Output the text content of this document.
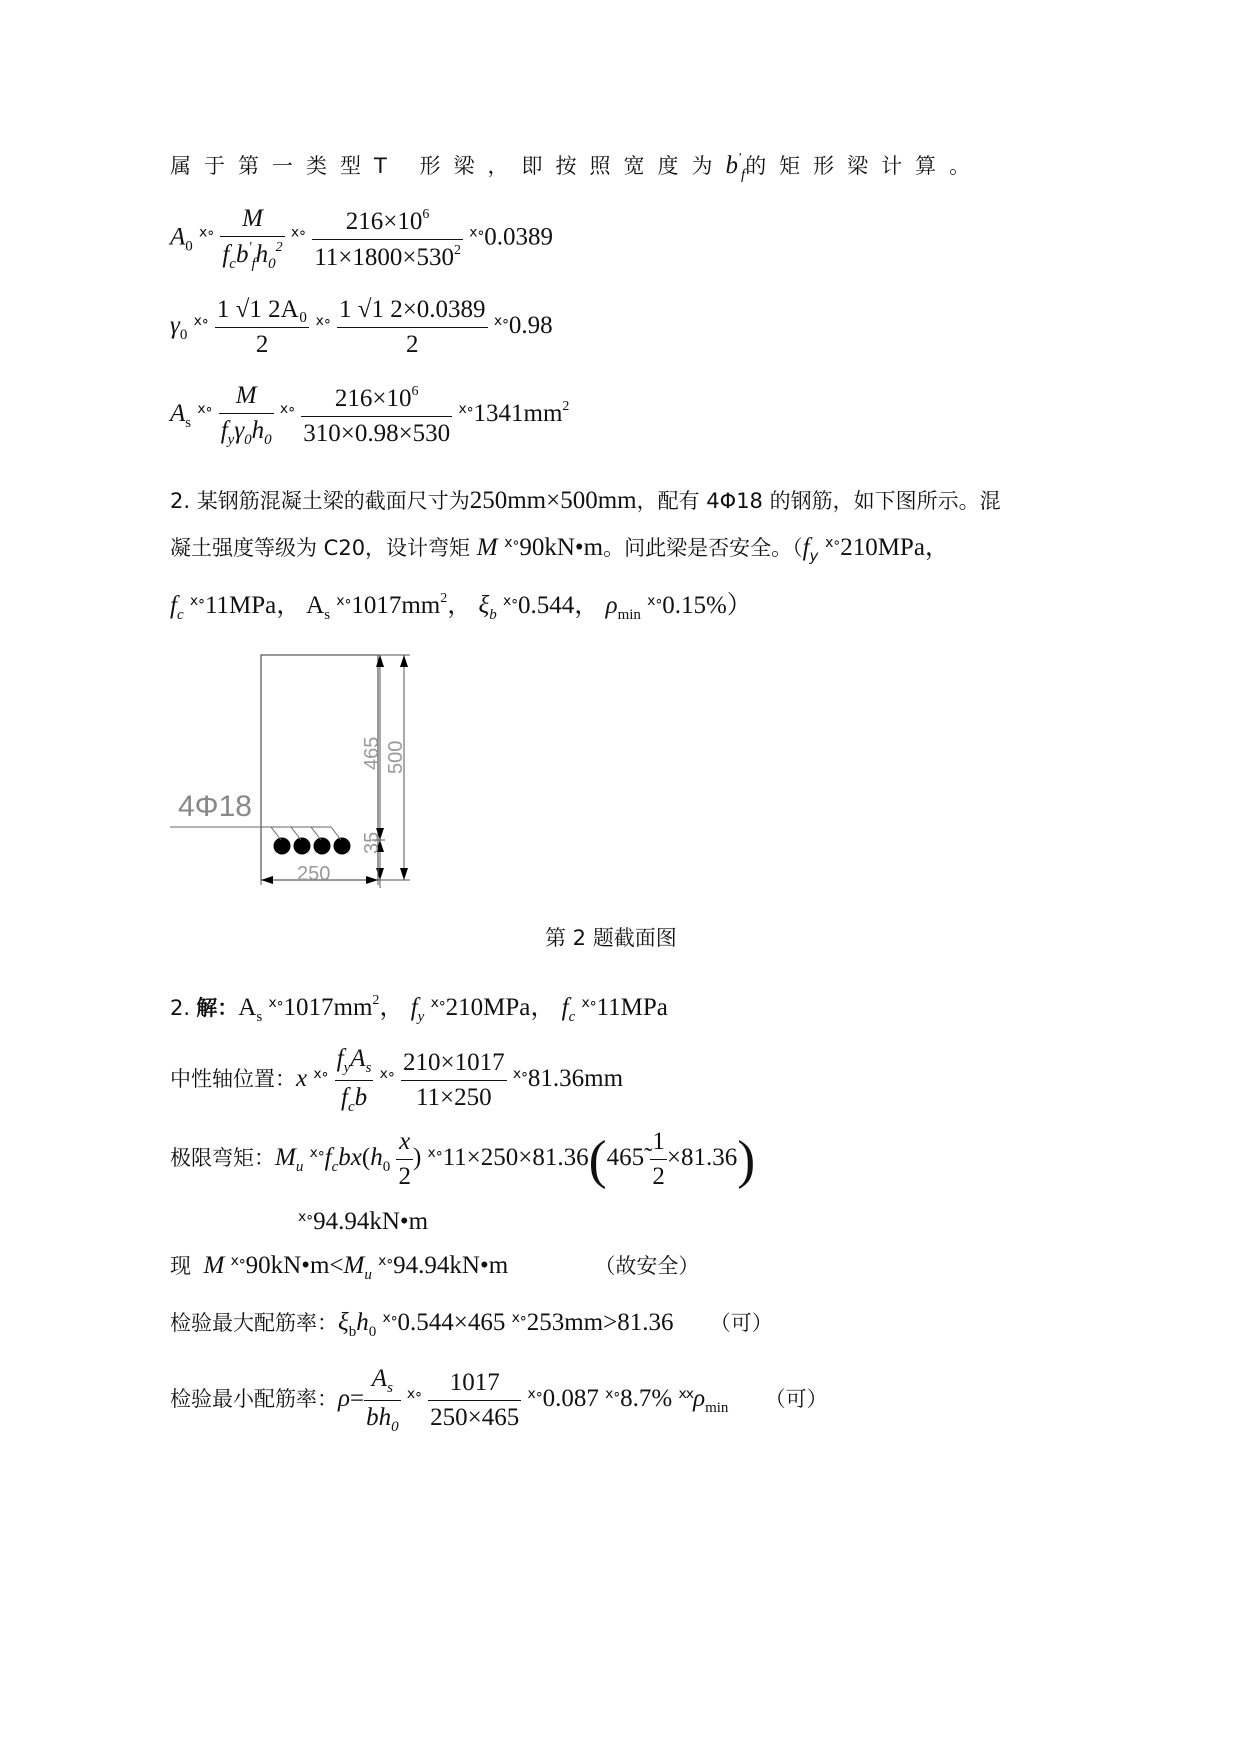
属于第一类型T 形梁，即按照宽度为$b'_f$的矩形梁计算。
$A_0$ $^{ⅹ\circ} \frac{M}{f_cb'_fh_0^2} ^{ⅹ\circ} \frac{216\times 10^6}{11\times 1800\times 530^2} ^{ⅹ\circ}0.0389$
$\gamma_0$ $^{ⅹ\circ} \frac{\text{1 √1 2A₀}}{2} ^{ⅹ\circ} \frac{1 √1 2\times 0.0389}{2} ^{ⅹ\circ}0.98$
$A_s$ $^{ⅹ\circ} \frac{M}{f_y\gamma_0h_0} ^{ⅹ\circ} \frac{216\times 10^6}{310\times 0.98\times 530} ^{ⅹ\circ}1341mm^2$
2. 某钢筋混凝土梁的截面尺寸为250mm×500mm，配有 4Φ18 的钢筋，如下图所示。混
凝土强度等级为 C20，设计弯矩 M $^{ⅹ\circ}$90kN•m。问此梁是否安全。（$f_y$ $^{ⅹ\circ}$210MPa，
$f_c$ $^{ⅹ\circ}$11MPa， $A_s$ $^{ⅹ\circ}1017mm^2$， $\xi_b$ $^{ⅹ\circ}$0.544， $\rho_{min}$ $^{ⅹ\circ}$0.15%）
4Φ18
465 500
35
250
第 2 题截面图
2. 解：$A_s$ $^{ⅹ\circ}1017mm^2$， $f_y$ $^{ⅹ\circ}$210MPa， $f_c$ $^{ⅹ\circ}$11MPa
中性轴位置：x $^{ⅹ\circ} \frac{f_yA_s}{f_cb} ^{ⅹ\circ} \frac{210\times 1017}{11\times 250} ^{ⅹ\circ}81.36mm$
极限弯矩：$M_u$ $^{ⅹ\circ}f_cbx(h_0 \frac{x}{2}$ ) $^{ⅹ\circ}$11×250×81.36(465̃ $\frac{1}{2} \times 81.36$)
$^{ⅹ\circ}$94.94kN•m
现 M $^{ⅹ\circ}90kN•m<M_u$ $^{ⅹ\circ}$94.94kN•m	（故安全）
检验最大配筋率：$\xi_bh_0$ $^{ⅹ\circ}$0.544×465 $^{ⅹ\circ}$253mm>81.36 （可）
检验最小配筋率：$\rho= \frac{A_s}{bh_0} ^{ⅹ\circ} \frac{1017}{250\times 465} ^{ⅹ\circ}0.087$ $^{ⅹ\circ}$8.7% $^{ⅹⅹ}\rho_{min}$ （可）
